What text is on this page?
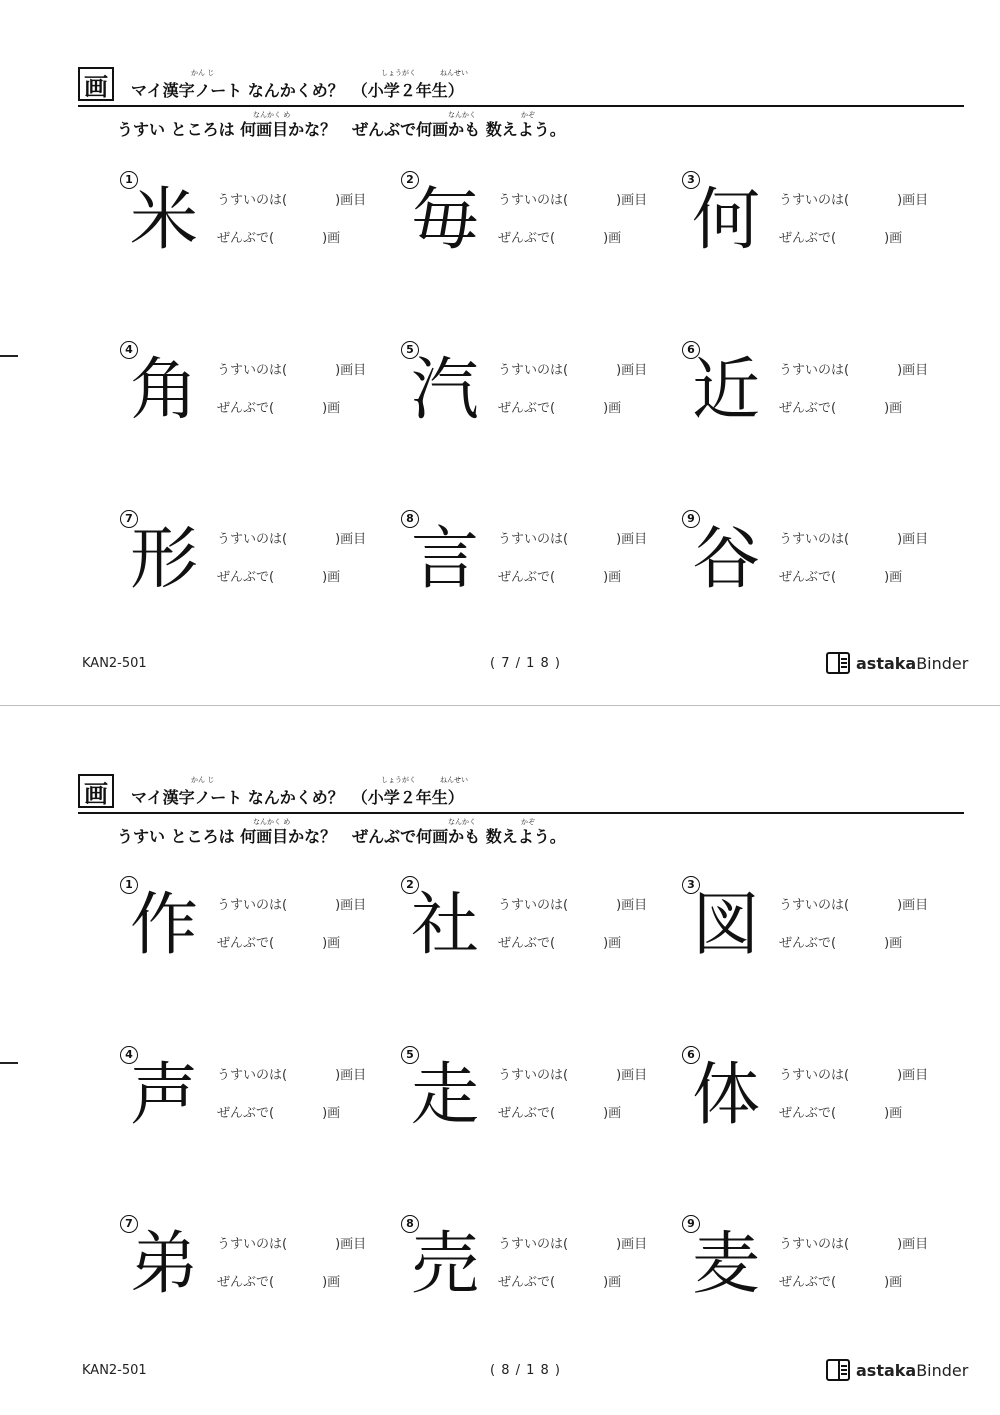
画	かん じ	しょうがく	ねんせい
マイ漢字ノート なんかくめ？ （小学２年生）
なんかく め	なんかく	かぞ
うすい ところは 何画目かな？ ぜんぶで何画かも 数えよう。
1
米 うすいのは(	)画目
ぜんぶで(	)画
2
毎 うすいのは(	)画目
ぜんぶで(	)画
3
何 うすいのは(	)画目
ぜんぶで(	)画
4
角 うすいのは(	)画目
ぜんぶで(	)画
5
汽 うすいのは(	)画目
ぜんぶで(	)画
6
近 うすいのは(	)画目
ぜんぶで(	)画
7
形 うすいのは(	)画目
ぜんぶで(	)画
8
言 うすいのは(	)画目
ぜんぶで(	)画
9
谷 うすいのは(	)画目
ぜんぶで(	)画
KAN2-501	( 7 / 1 8 )	astakaBinder
画	かん じ	しょうがく	ねんせい
マイ漢字ノート なんかくめ？ （小学２年生）
なんかく め	なんかく	かぞ
うすい ところは 何画目かな？ ぜんぶで何画かも 数えよう。
1
作 うすいのは(	)画目
ぜんぶで(	)画
2
社 うすいのは(	)画目
ぜんぶで(	)画
3
図 うすいのは(	)画目
ぜんぶで(	)画
4
声 うすいのは(	)画目
ぜんぶで(	)画
5
走 うすいのは(	)画目
ぜんぶで(	)画
6
体 うすいのは(	)画目
ぜんぶで(	)画
7
弟 うすいのは(	)画目
ぜんぶで(	)画
8
売 うすいのは(	)画目
ぜんぶで(	)画
9
麦 うすいのは(	)画目
ぜんぶで(	)画
KAN2-501	( 8 / 1 8 )	astakaBinder
